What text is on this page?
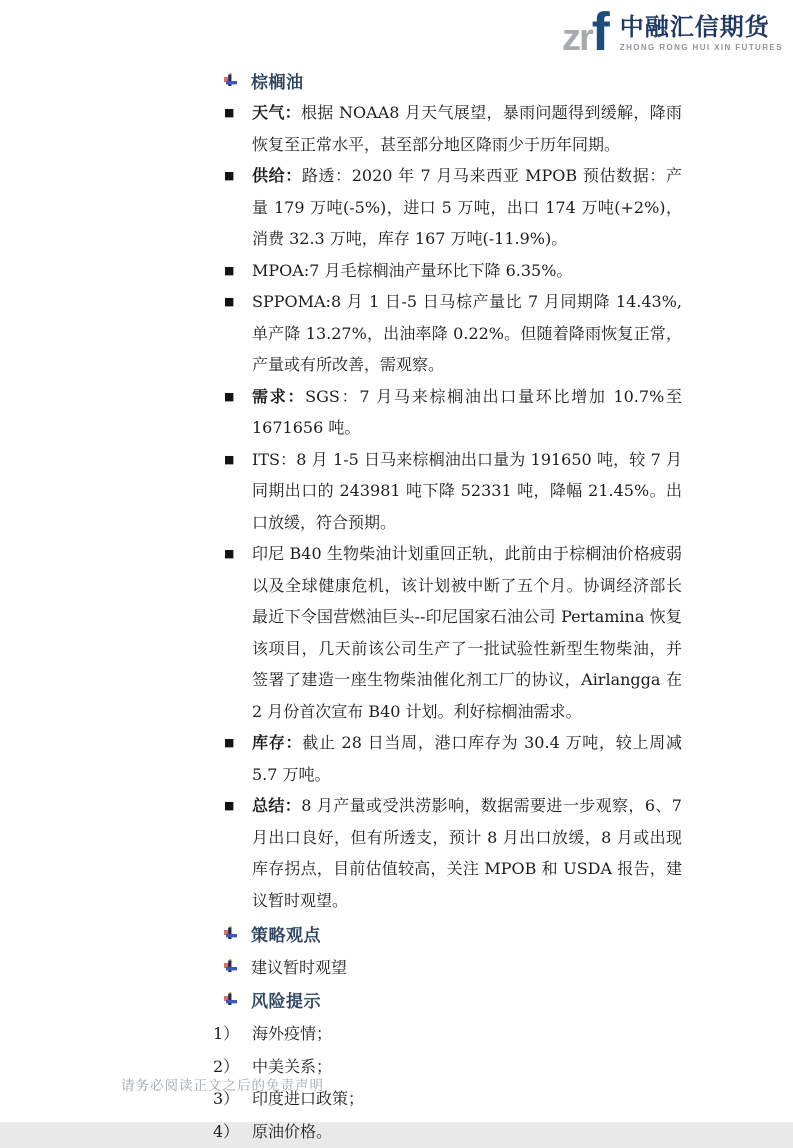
zr f 中融汇信期货
ZHONG RONG HUI XIN FUTURES
棕榈油
■	天气：根据 NOAA8 月天气展望，暴雨问题得到缓解，降雨恢复至正常水平，甚至部分地区降雨少于历年同期。

■	供给：路透：2020 年 7 月马来西亚 MPOB 预估数据：产量 179 万吨(-5%)，进口 5 万吨，出口 174 万吨(+2%)，消费 32.3 万吨，库存 167 万吨(-11.9%)。

■	MPOA:7 月毛棕榈油产量环比下降 6.35%。

■	SPPOMA:8 月 1 日-5 日马棕产量比 7 月同期降 14.43%,单产降 13.27%，出油率降 0.22%。但随着降雨恢复正常，产量或有所改善，需观察。

■	需求：SGS：7 月马来棕榈油出口量环比增加 10.7%至 1671656 吨。

■	ITS：8 月 1-5 日马来棕榈油出口量为 191650 吨，较 7 月同期出口的 243981 吨下降 52331 吨，降幅 21.45%。出口放缓，符合预期。

■	印尼 B40 生物柴油计划重回正轨，此前由于棕榈油价格疲弱以及全球健康危机，该计划被中断了五个月。协调经济部长最近下令国营燃油巨头--印尼国家石油公司 Pertamina 恢复该项目，几天前该公司生产了一批试验性新型生物柴油，并签署了建造一座生物柴油催化剂工厂的协议，Airlangga 在 2 月份首次宣布 B40 计划。利好棕榈油需求。

■	库存：截止 28 日当周，港口库存为 30.4 万吨，较上周减 5.7 万吨。

■	总结：8 月产量或受洪涝影响，数据需要进一步观察，6、7 月出口良好，但有所透支，预计 8 月出口放缓，8 月或出现库存拐点，目前估值较高，关注 MPOB 和 USDA 报告，建议暂时观望。

策略观点
建议暂时观望
风险提示
1） 海外疫情；
2） 中美关系；
3） 印度进口政策；
4） 原油价格。
请务必阅读正文之后的免责声明
